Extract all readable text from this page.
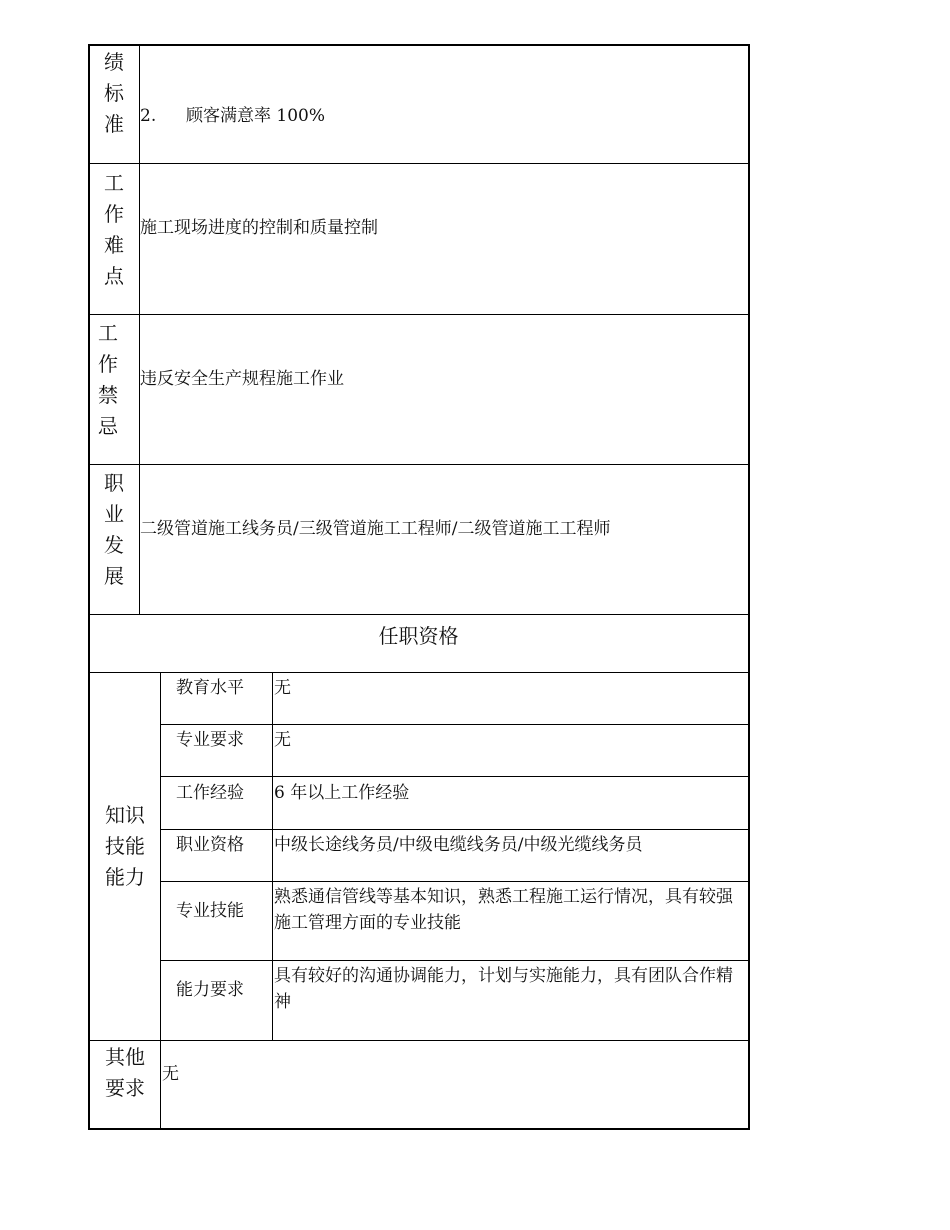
绩
标
准 2. 顾客满意率 100%
工
作
难
点
施工现场进度的控制和质量控制
工
作
禁
忌
违反安全生产规程施工作业
职
业
发
展
二级管道施工线务员/三级管道施工工程师/二级管道施工工程师
任职资格
知识
技能
能力
教育水平 无
专业要求 无
工作经验 6 年以上工作经验
职业资格 中级长途线务员/中级电缆线务员/中级光缆线务员
专业技能
熟悉通信管线等基本知识，熟悉工程施工运行情况，具有较强施工管理方面的专业技能
能力要求
具有较好的沟通协调能力，计划与实施能力，具有团队合作精神
其他
要求
无
